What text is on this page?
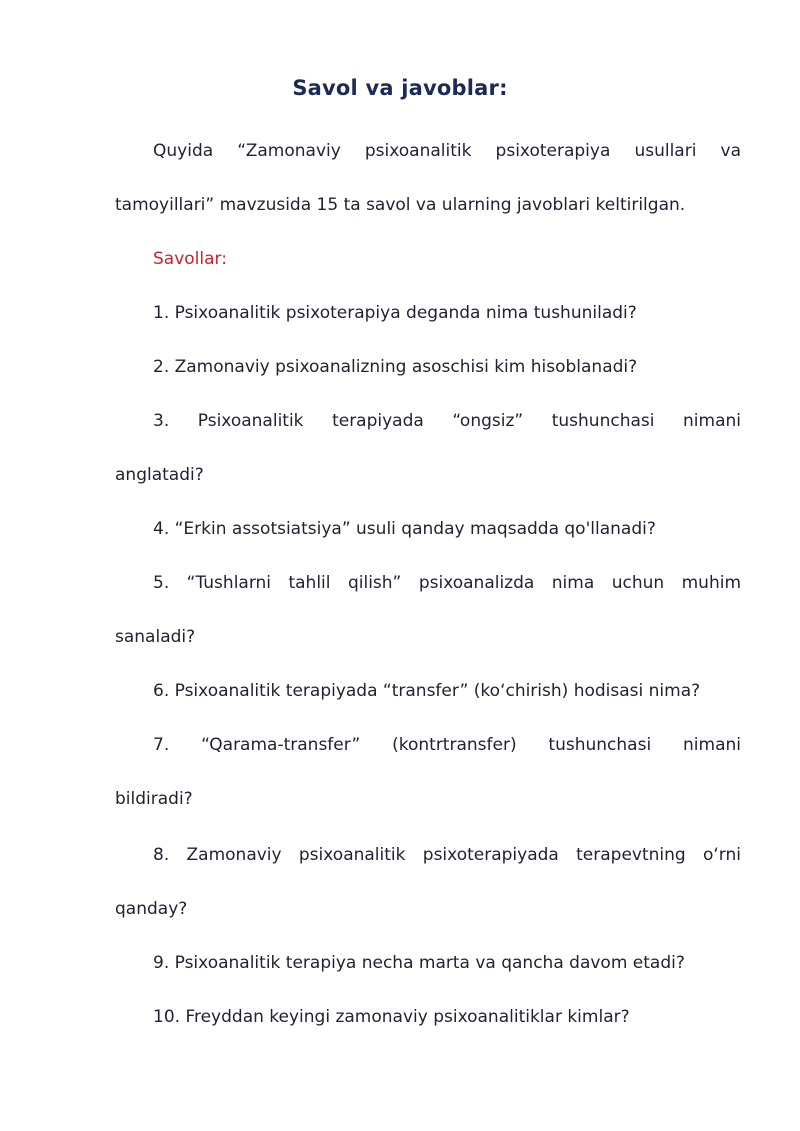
Savol va javoblar:
Quyida “Zamonaviy psixoanalitik psixoterapiya usullari va
tamoyillari” mavzusida 15 ta savol va ularning javoblari keltirilgan.
Savollar:
1. Psixoanalitik psixoterapiya deganda nima tushuniladi?
2. Zamonaviy psixoanalizning asoschisi kim hisoblanadi?
3. Psixoanalitik terapiyada “ongsiz” tushunchasi nimani
anglatadi?
4. “Erkin assotsiatsiya” usuli qanday maqsadda qo'llanadi?
5. “Tushlarni tahlil qilish” psixoanalizda nima uchun muhim
sanaladi?
6. Psixoanalitik terapiyada “transfer” (ko‘chirish) hodisasi nima?
7. “Qarama-transfer” (kontrtransfer) tushunchasi nimani
bildiradi?
8. Zamonaviy psixoanalitik psixoterapiyada terapevtning o‘rni
qanday?
9. Psixoanalitik terapiya necha marta va qancha davom etadi?
10. Freyddan keyingi zamonaviy psixoanalitiklar kimlar?
